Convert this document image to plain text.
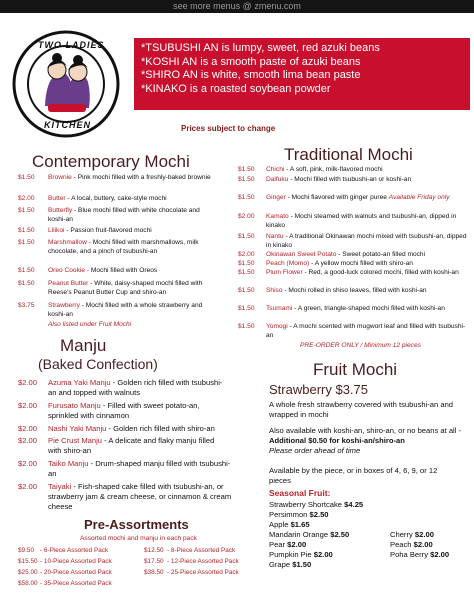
see more menus @ zmenu.com
TWO LADIES
KITCHEN
*TSUBUSHI AN is lumpy, sweet, red azuki beans
*KOSHI AN is a smooth paste of azuki beans
*SHIRO AN is white, smooth lima bean paste
*KINAKO is a roasted soybean powder
Prices subject to change
Contemporary Mochi
$1.50 Brownie - Pink mochi filled with a freshly-baked brownie
$2.00 Butter - A local, buttery, cake-style mochi
$1.50 Butterfly - Blue mochi filled with white chocolate and koshi-an
$1.50 Lilikoi - Passion fruit-flavored mochi
$1.50 Marshmallow - Mochi filled with marshmallows, milk chocolate, and a pinch of tsubushi-an
$1.50 Oreo Cookie - Mochi filled with Oreos
$1.50 Peanut Butter - White, daisy-shaped mochi filled with Reese's Peanut Butter Cup and shiro-an
$3.75 Strawberry - Mochi filled with a whole strawberry and koshi-an
Also listed under Fruit Mochi
Traditional Mochi
$1.50 Chichi - A soft, pink, milk-flavored mochi
$1.50 Daifuku - Mochi filled with tsubushi-an or koshi-an
$1.50 Ginger - Mochi flavored with ginger puree Available Friday only
$2.00 Kamato - Mochi steamed with walnuts and tsubushi-an, dipped in kinako
$1.50 Nantu - A traditional Okinawan mochi mixed with tsubushi-an, dipped in kinako
$2.00 Okinawan Sweet Potato - Sweet potato-an filled mochi
$1.50 Peach (Momo) - A yellow mochi filled with shiro-an
$1.50 Plum Flower - Red, a good-luck colored mochi, filled with koshi-an
$1.50 Shiso - Mochi rolled in shiso leaves, filled with koshi-an
$1.50 Tsumami - A green, triangle-shaped mochi filled with koshi-an
$1.50 Yomogi - A mochi scented with mugwort leaf and filled with tsubushi-an
PRE-ORDER ONLY / Minimum 12 pieces
Manju
(Baked Confection)
$2.00 Azuma Yaki Manju - Golden rich filled with tsubushi-an and topped with walnuts
$2.00 Furusato Manju - Filled with sweet potato-an, sprinkled with cinnamon
$2.00 Nashi Yaki Manju - Golden rich filled with shiro-an
$2.00 Pie Crust Manju - A delicate and flaky manju filled with shiro-an
$2.00 Taiko Manju - Drum-shaped manju filled with tsubushi-an
$2.00 Taiyaki - Fish-shaped cake filled with tsubushi-an, or strawberry jam & cream cheese, or cinnamon & cream cheese
Fruit Mochi
Strawberry $3.75
A whole fresh strawberry covered with tsubushi-an and wrapped in mochi
Also available with koshi-an, shiro-an, or no beans at all - Additional $0.50 for koshi-an/shiro-an
Please order ahead of time
Available by the piece, or in boxes of 4, 6, 9, or 12 pieces
Seasonal Fruit:
Strawberry Shortcake $4.25
Persimmon $2.50
Apple $1.65
Mandarin Orange $2.50
Pear $2.00
Pumpkin Pie $2.00
Grape $1.50
Cherry $2.00
Peach $2.00
Poha Berry $2.00
Pre-Assortments
Assorted mochi and manju in each pack
$9.50 - 6-Piece Assorted Pack	$12.50 - 8-Piece Assorted Pack
$15.50 - 10-Piece Assorted Pack	$17.50 - 12-Piece Assorted Pack
$25.00 - 20-Piece Assorted Pack	$38.50 - 25-Piece Assorted Pack
$58.00 - 35-Piece Assorted Pack
